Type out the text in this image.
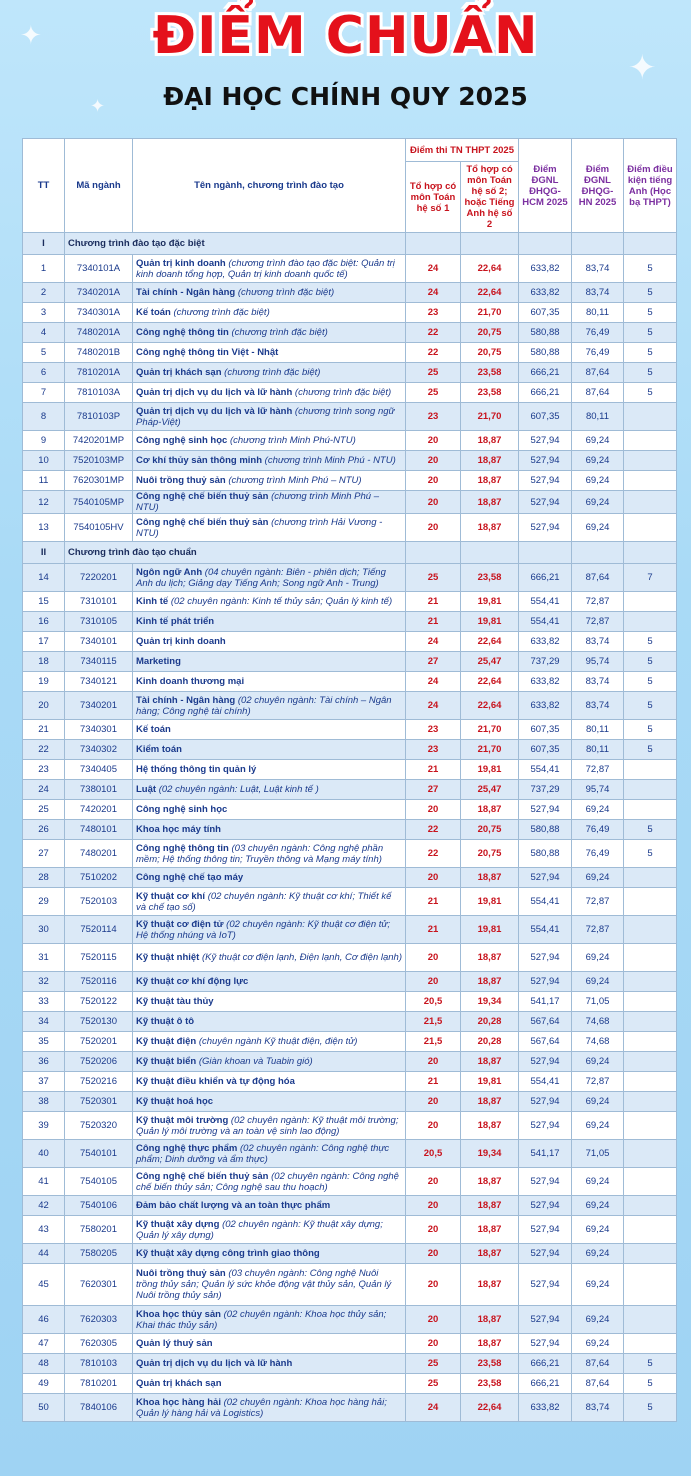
✦
✦
✦
ĐIỂM CHUẨN
ĐẠI HỌC CHÍNH QUY 2025
TT	Mã ngành	Tên ngành, chương trình đào tạo	Điểm thi TN THPT 2025		Điểm ĐGNL ĐHQG-HCM 2025	Điểm ĐGNL ĐHQG-HN 2025	Điểm điều kiện tiếng Anh (Học bạ THPT)
			Tổ hợp có môn Toán hệ số 1	Tổ hợp có môn Toán hệ số 2; hoặc Tiếng Anh hệ số 2			
I	Chương trình đào tạo đặc biệt						
1	7340101A	Quản trị kinh doanh (chương trình đào tạo đặc biệt: Quản trị kinh doanh tổng hợp, Quản trị kinh doanh quốc tế)	24	22,64	633,82	83,74	5
2	7340201A	Tài chính - Ngân hàng (chương trình đặc biệt)	24	22,64	633,82	83,74	5
3	7340301A	Kế toán (chương trình đặc biệt)	23	21,70	607,35	80,11	5
4	7480201A	Công nghệ thông tin (chương trình đặc biệt)	22	20,75	580,88	76,49	5
5	7480201B	Công nghệ thông tin Việt - Nhật	22	20,75	580,88	76,49	5
6	7810201A	Quản trị khách sạn (chương trình đặc biệt)	25	23,58	666,21	87,64	5
7	7810103A	Quản trị dịch vụ du lịch và lữ hành (chương trình đặc biệt)	25	23,58	666,21	87,64	5
8	7810103P	Quản trị dịch vụ du lịch và lữ hành (chương trình song ngữ Pháp-Việt)	23	21,70	607,35	80,11	
9	7420201MP	Công nghệ sinh học (chương trình Minh Phú-NTU)	20	18,87	527,94	69,24	
10	7520103MP	Cơ khí thủy sản thông minh (chương trình Minh Phú - NTU)	20	18,87	527,94	69,24	
11	7620301MP	Nuôi trồng thuỷ sản (chương trình Minh Phú – NTU)	20	18,87	527,94	69,24	
12	7540105MP	Công nghệ chế biến thuỷ sản (chương trình Minh Phú – NTU)	20	18,87	527,94	69,24	
13	7540105HV	Công nghệ chế biến thuỷ sản (chương trình Hải Vương - NTU)	20	18,87	527,94	69,24	
II	Chương trình đào tạo chuẩn						
14	7220201	Ngôn ngữ Anh (04 chuyên ngành: Biên - phiên dịch; Tiếng Anh du lịch; Giảng dạy Tiếng Anh; Song ngữ Anh - Trung)	25	23,58	666,21	87,64	7
15	7310101	Kinh tế (02 chuyên ngành: Kinh tế thủy sản; Quản lý kinh tế)	21	19,81	554,41	72,87	
16	7310105	Kinh tế phát triển	21	19,81	554,41	72,87	
17	7340101	Quản trị kinh doanh	24	22,64	633,82	83,74	5
18	7340115	Marketing	27	25,47	737,29	95,74	5
19	7340121	Kinh doanh thương mại	24	22,64	633,82	83,74	5
20	7340201	Tài chính - Ngân hàng (02 chuyên ngành: Tài chính – Ngân hàng; Công nghệ tài chính)	24	22,64	633,82	83,74	5
21	7340301	Kế toán	23	21,70	607,35	80,11	5
22	7340302	Kiểm toán	23	21,70	607,35	80,11	5
23	7340405	Hệ thống thông tin quản lý	21	19,81	554,41	72,87	
24	7380101	Luật (02 chuyên ngành: Luật, Luật kinh tế )	27	25,47	737,29	95,74	
25	7420201	Công nghệ sinh học	20	18,87	527,94	69,24	
26	7480101	Khoa học máy tính	22	20,75	580,88	76,49	5
27	7480201	Công nghệ thông tin (03 chuyên ngành: Công nghệ phần mềm; Hệ thống thông tin; Truyền thông và Mạng máy tính)	22	20,75	580,88	76,49	5
28	7510202	Công nghệ chế tạo máy	20	18,87	527,94	69,24	
29	7520103	Kỹ thuật cơ khí (02 chuyên ngành: Kỹ thuật cơ khí; Thiết kế và chế tạo số)	21	19,81	554,41	72,87	
30	7520114	Kỹ thuật cơ điện tử (02 chuyên ngành: Kỹ thuật cơ điện tử; Hệ thống nhúng và IoT)	21	19,81	554,41	72,87	
31	7520115	Kỹ thuật nhiệt (Kỹ thuật cơ điện lạnh, Điện lạnh, Cơ điện lạnh)	20	18,87	527,94	69,24	
32	7520116	Kỹ thuật cơ khí động lực	20	18,87	527,94	69,24	
33	7520122	Kỹ thuật tàu thủy	20,5	19,34	541,17	71,05	
34	7520130	Kỹ thuật ô tô	21,5	20,28	567,64	74,68	
35	7520201	Kỹ thuật điện (chuyên ngành Kỹ thuật điện, điện tử)	21,5	20,28	567,64	74,68	
36	7520206	Kỹ thuật biển (Giàn khoan và Tuabin gió)	20	18,87	527,94	69,24	
37	7520216	Kỹ thuật điều khiển và tự động hóa	21	19,81	554,41	72,87	
38	7520301	Kỹ thuật hoá học	20	18,87	527,94	69,24	
39	7520320	Kỹ thuật môi trường (02 chuyên ngành: Kỹ thuật môi trường; Quản lý môi trường và an toàn vệ sinh lao động)	20	18,87	527,94	69,24	
40	7540101	Công nghệ thực phẩm (02 chuyên ngành: Công nghệ thực phẩm; Dinh dưỡng và ẩm thực)	20,5	19,34	541,17	71,05	
41	7540105	Công nghệ chế biến thuỷ sản (02 chuyên ngành: Công nghệ chế biến thủy sản; Công nghệ sau thu hoạch)	20	18,87	527,94	69,24	
42	7540106	Đảm bảo chất lượng và an toàn thực phẩm	20	18,87	527,94	69,24	
43	7580201	Kỹ thuật xây dựng (02 chuyên ngành: Kỹ thuật xây dựng; Quản lý xây dựng)	20	18,87	527,94	69,24	
44	7580205	Kỹ thuật xây dựng công trình giao thông	20	18,87	527,94	69,24	
45	7620301	Nuôi trồng thuỷ sản (03 chuyên ngành: Công nghệ Nuôi trồng thủy sản; Quản lý sức khỏe động vật thủy sản, Quản lý Nuôi trồng thủy sản)	20	18,87	527,94	69,24	
46	7620303	Khoa học thủy sản (02 chuyên ngành: Khoa học thủy sản; Khai thác thủy sản)	20	18,87	527,94	69,24	
47	7620305	Quản lý thuỷ sản	20	18,87	527,94	69,24	
48	7810103	Quản trị dịch vụ du lịch và lữ hành	25	23,58	666,21	87,64	5
49	7810201	Quản trị khách sạn	25	23,58	666,21	87,64	5
50	7840106	Khoa học hàng hải (02 chuyên ngành: Khoa học hàng hải; Quản lý hàng hải và Logistics)	24	22,64	633,82	83,74	5
